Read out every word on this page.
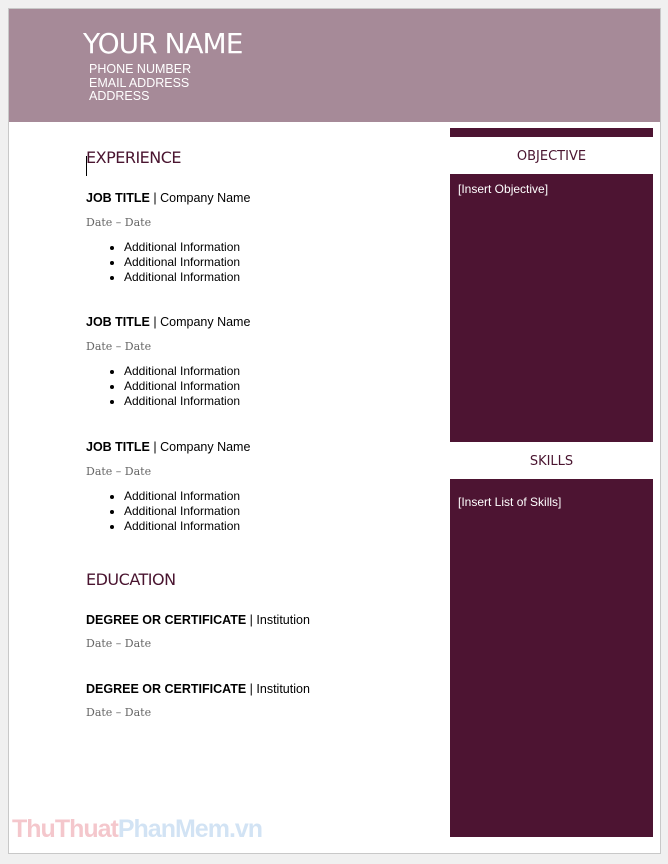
YOUR NAME
PHONE NUMBER
EMAIL ADDRESS
ADDRESS
EXPERIENCE
JOB TITLE | Company Name
Date – Date
• Additional Information
• Additional Information
• Additional Information
JOB TITLE | Company Name
Date – Date
• Additional Information
• Additional Information
• Additional Information
JOB TITLE | Company Name
Date – Date
• Additional Information
• Additional Information
• Additional Information
EDUCATION
DEGREE OR CERTIFICATE | Institution
Date – Date
DEGREE OR CERTIFICATE | Institution
Date – Date
OBJECTIVE
[Insert Objective]
SKILLS
[Insert List of Skills]
ThuThuatPhanMem.vn
